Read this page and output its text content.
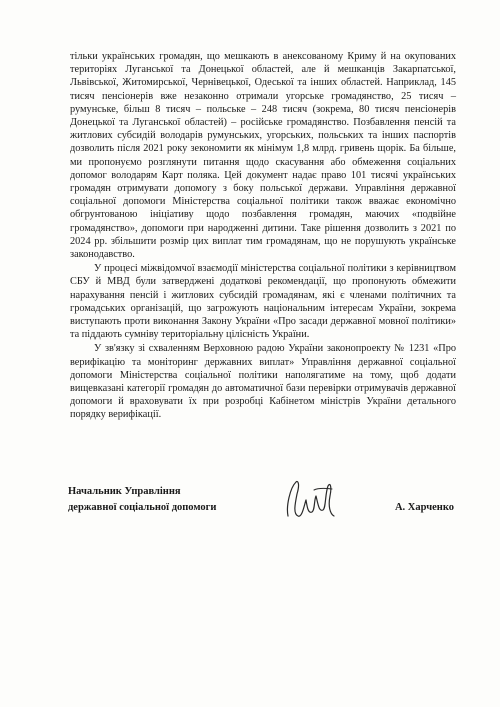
тільки українських громадян, що мешкають в анексованому Криму й на окупованих територіях Луганської та Донецької областей, але й мешканців Закарпатської, Львівської, Житомирської, Чернівецької, Одеської та інших областей. Наприклад, 145 тисяч пенсіонерів вже незаконно отримали угорське громадянство, 25 тисяч – румунське, більш 8 тисяч – польське – 248 тисяч (зокрема, 80 тисяч пенсіонерів Донецької та Луганської областей) – російське громадянство. Позбавлення пенсій та житлових субсидій володарів румунських, угорських, польських та інших паспортів дозволить після 2021 року зекономити як мінімум 1,8 млрд. гривень щорік. Ба більше, ми пропонуємо розглянути питання щодо скасування або обмеження соціальних допомог володарям Карт поляка. Цей документ надає право 101 тисячі українських громадян отримувати допомогу з боку польської держави. Управління державної соціальної допомоги Міністерства соціальної політики також вважає економічно обгрунтованою ініціативу щодо позбавлення громадян, маючих «подвійне громадянство», допомоги при народженні дитини. Таке рішення дозволить з 2021 по 2024 рр. збільшити розмір цих виплат тим громадянам, що не порушують українське законодавство.

У процесі міжвідомчої взаємодії міністерства соціальної політики з керівництвом СБУ й МВД були затверджені додаткові рекомендації, що пропонують обмежити нарахування пенсій і житлових субсидій громадянам, які є членами політичних та громадських організацій, що загрожують національним інтересам України, зокрема виступають проти виконання Закону України «Про засади державної мовної політики» та піддають сумніву територіальну цілісність України.

У зв'язку зі схваленням Верховною радою України законопроекту № 1231 «Про верифікацію та моніторинг державних виплат» Управління державної соціальної допомоги Міністерства соціальної політики наполягатиме на тому, щоб додати вищевказані категорії громадян до автоматичної бази перевірки отримувачів державної допомоги й враховувати їх при розробці Кабінетом міністрів України детального порядку верифікації.

Начальник Управління
державної соціальної допомоги	А. Харченко
